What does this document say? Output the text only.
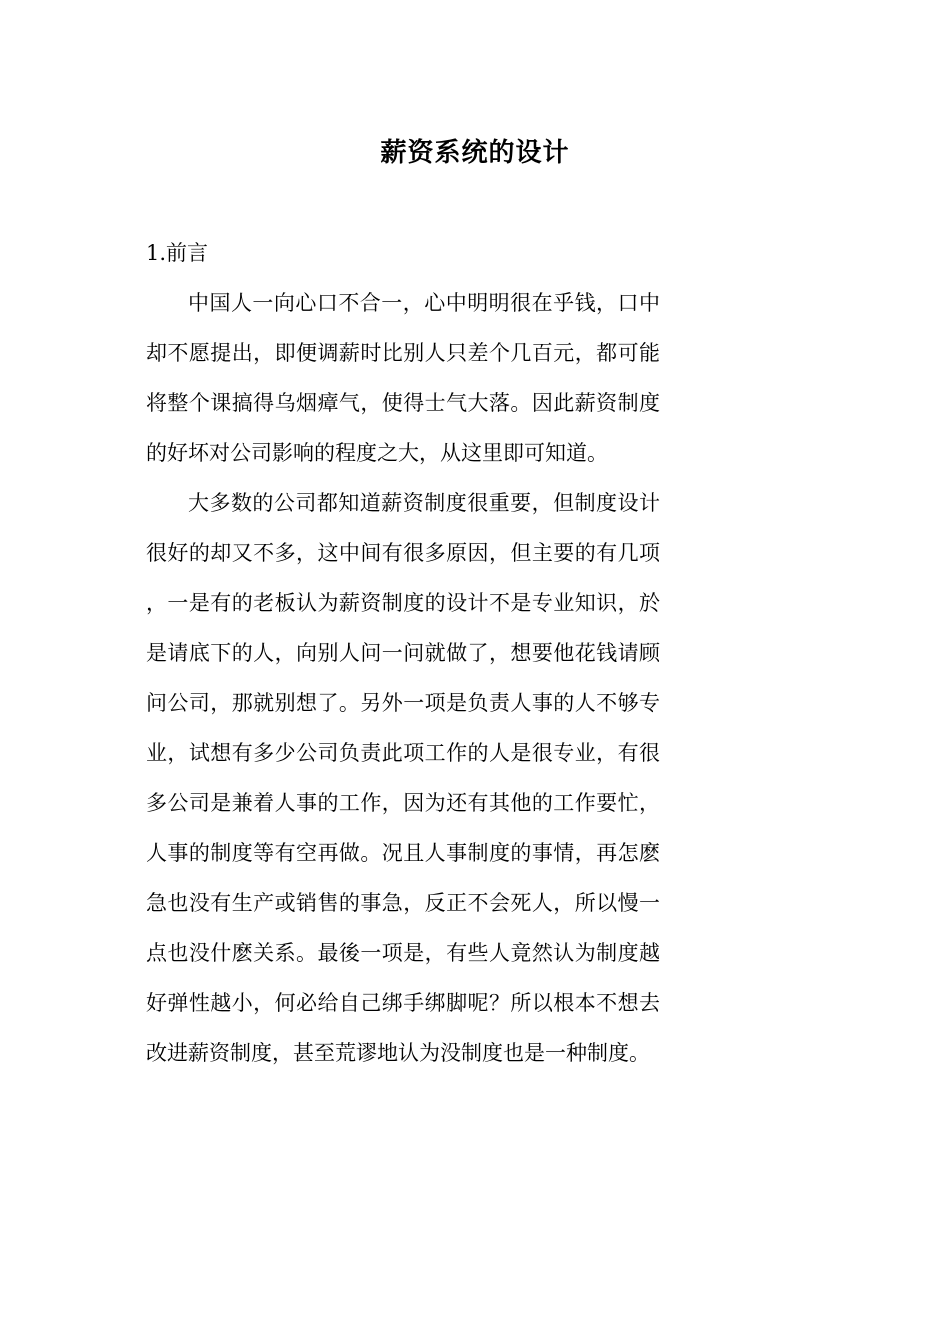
薪资系统的设计

1.前言

中国人一向心口不合一，心中明明很在乎钱，口中却不愿提出，即便调薪时比别人只差个几百元，都可能将整个课搞得乌烟瘴气，使得士气大落。因此薪资制度的好坏对公司影响的程度之大，从这里即可知道。

大多数的公司都知道薪资制度很重要，但制度设计很好的却又不多，这中间有很多原因，但主要的有几项，一是有的老板认为薪资制度的设计不是专业知识，於是请底下的人，向别人问一问就做了，想要他花钱请顾问公司，那就别想了。另外一项是负责人事的人不够专业，试想有多少公司负责此项工作的人是很专业，有很多公司是兼着人事的工作，因为还有其他的工作要忙，人事的制度等有空再做。况且人事制度的事情，再怎麽急也没有生产或销售的事急，反正不会死人，所以慢一点也没什麽关系。最後一项是，有些人竟然认为制度越好弹性越小，何必给自己绑手绑脚呢？所以根本不想去改进薪资制度，甚至荒谬地认为没制度也是一种制度。
